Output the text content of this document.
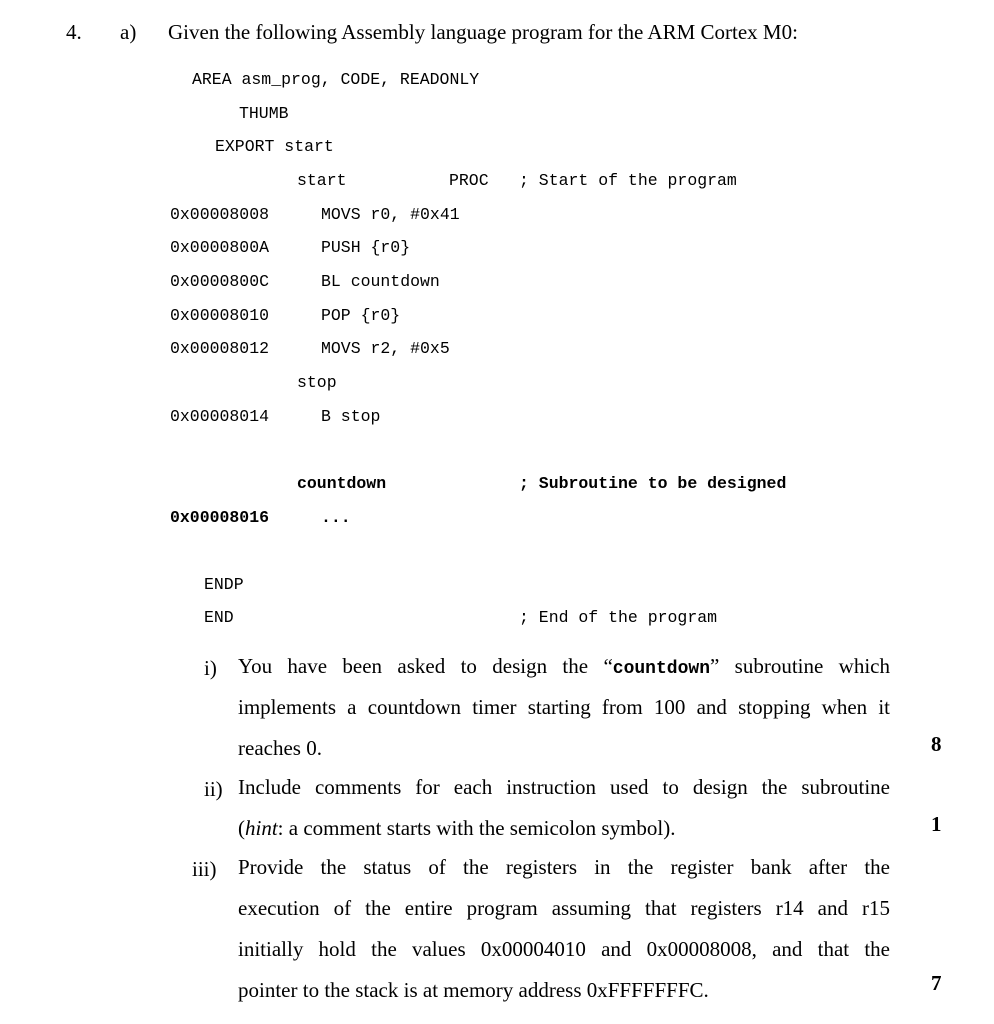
4. a) Given the following Assembly language program for the ARM Cortex M0:
AREA asm_prog, CODE, READONLY
THUMB
EXPORT start
start	PROC ; Start of the program
0x00008008	MOVS r0, #0x41
0x0000800A	PUSH {r0}
0x0000800C	BL countdown
0x00008010	POP {r0}
0x00008012	MOVS r2, #0x5
stop
0x00008014	B stop
countdown	; Subroutine to be designed
0x00008016	...
ENDP
END	; End of the program
i) You have been asked to design the “countdown” subroutine which
implements a countdown timer starting from 100 and stopping when it
reaches 0.	8
ii) Include comments for each instruction used to design the subroutine
(hint: a comment starts with the semicolon symbol).	1
iii) Provide the status of the registers in the register bank after the
execution of the entire program assuming that registers r14 and r15
initially hold the values 0x00004010 and 0x00008008, and that the
pointer to the stack is at memory address 0xFFFFFFFC.	7
